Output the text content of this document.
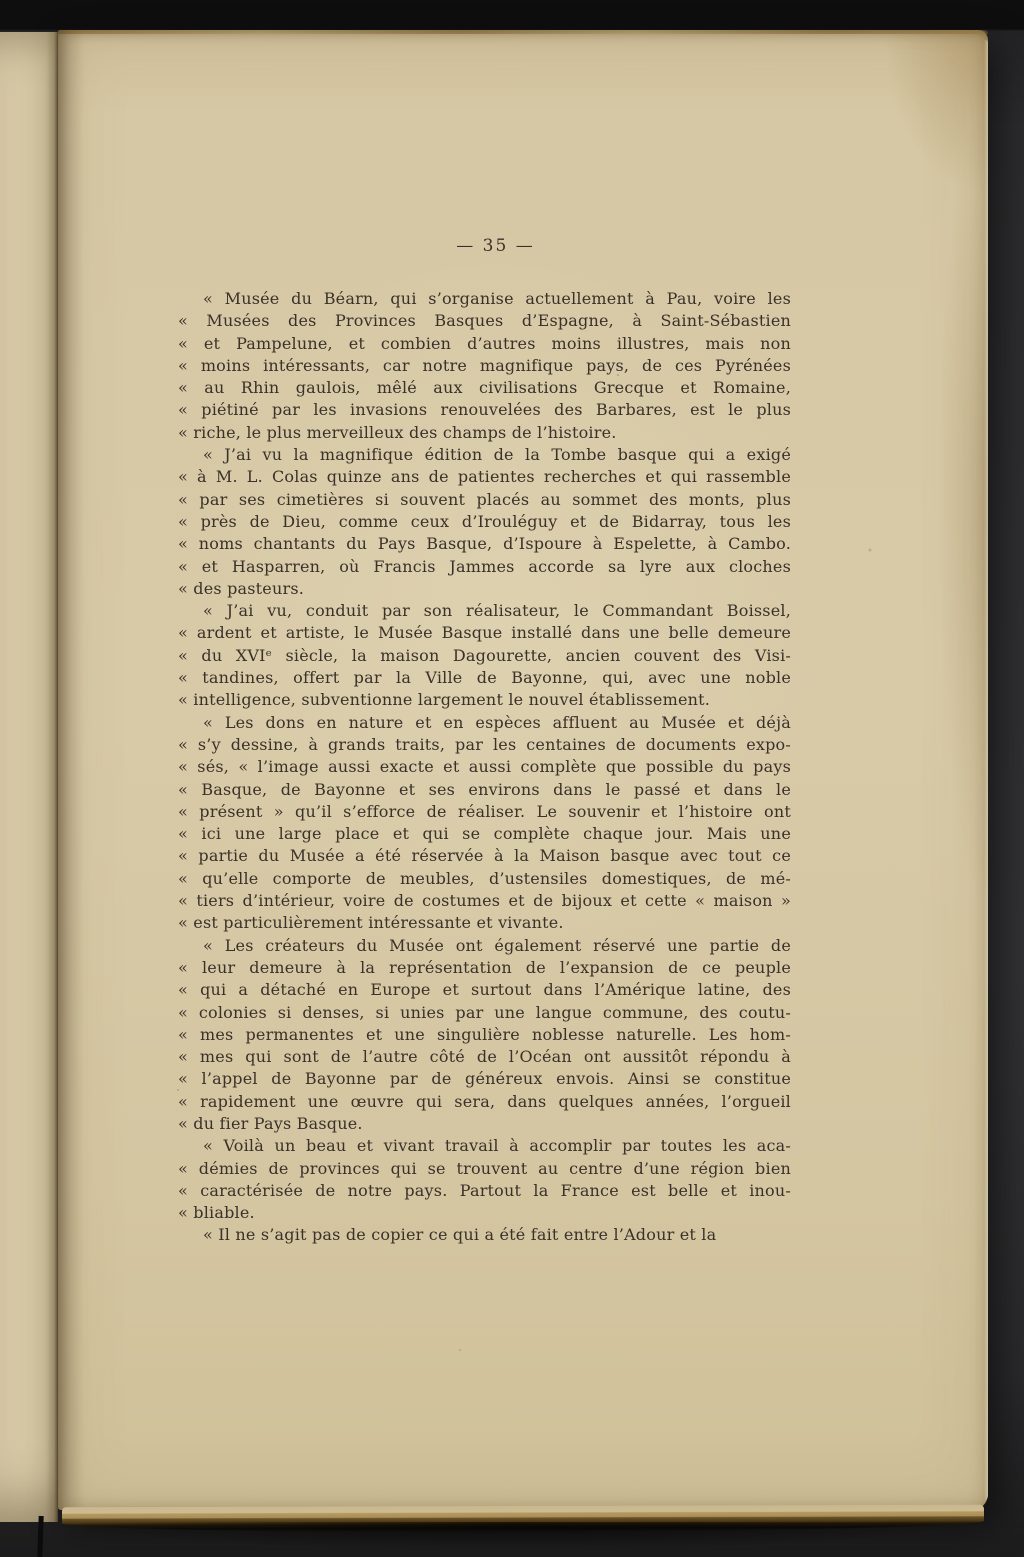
— 35 —
« Musée du Béarn, qui s’organise actuellement à Pau, voire les
« Musées des Provinces Basques d’Espagne, à Saint-Sébastien
« et Pampelune, et combien d’autres moins illustres, mais non
« moins intéressants, car notre magnifique pays, de ces Pyrénées
« au Rhin gaulois, mêlé aux civilisations Grecque et Romaine,
« piétiné par les invasions renouvelées des Barbares, est le plus
« riche, le plus merveilleux des champs de l’histoire.
« J’ai vu la magnifique édition de la Tombe basque qui a exigé
« à M. L. Colas quinze ans de patientes recherches et qui rassemble
« par ses cimetières si souvent placés au sommet des monts, plus
« près de Dieu, comme ceux d’Irouléguy et de Bidarray, tous les
« noms chantants du Pays Basque, d’Ispoure à Espelette, à Cambo.
« et Hasparren, où Francis Jammes accorde sa lyre aux cloches
« des pasteurs.
« J’ai vu, conduit par son réalisateur, le Commandant Boissel,
« ardent et artiste, le Musée Basque installé dans une belle demeure
« du XVIᵉ siècle, la maison Dagourette, ancien couvent des Visi-
« tandines, offert par la Ville de Bayonne, qui, avec une noble
« intelligence, subventionne largement le nouvel établissement.
« Les dons en nature et en espèces affluent au Musée et déjà
« s’y dessine, à grands traits, par les centaines de documents expo-
« sés, « l’image aussi exacte et aussi complète que possible du pays
« Basque, de Bayonne et ses environs dans le passé et dans le
« présent » qu’il s’efforce de réaliser. Le souvenir et l’histoire ont
« ici une large place et qui se complète chaque jour. Mais une
« partie du Musée a été réservée à la Maison basque avec tout ce
« qu’elle comporte de meubles, d’ustensiles domestiques, de mé-
« tiers d’intérieur, voire de costumes et de bijoux et cette « maison »
« est particulièrement intéressante et vivante.
« Les créateurs du Musée ont également réservé une partie de
« leur demeure à la représentation de l’expansion de ce peuple
« qui a détaché en Europe et surtout dans l’Amérique latine, des
« colonies si denses, si unies par une langue commune, des coutu-
« mes permanentes et une singulière noblesse naturelle. Les hom-
« mes qui sont de l’autre côté de l’Océan ont aussitôt répondu à
« l’appel de Bayonne par de généreux envois. Ainsi se constitue
« rapidement une œuvre qui sera, dans quelques années, l’orgueil
« du fier Pays Basque.
« Voilà un beau et vivant travail à accomplir par toutes les aca-
« démies de provinces qui se trouvent au centre d’une région bien
« caractérisée de notre pays. Partout la France est belle et inou-
« bliable.
« Il ne s’agit pas de copier ce qui a été fait entre l’Adour et la
